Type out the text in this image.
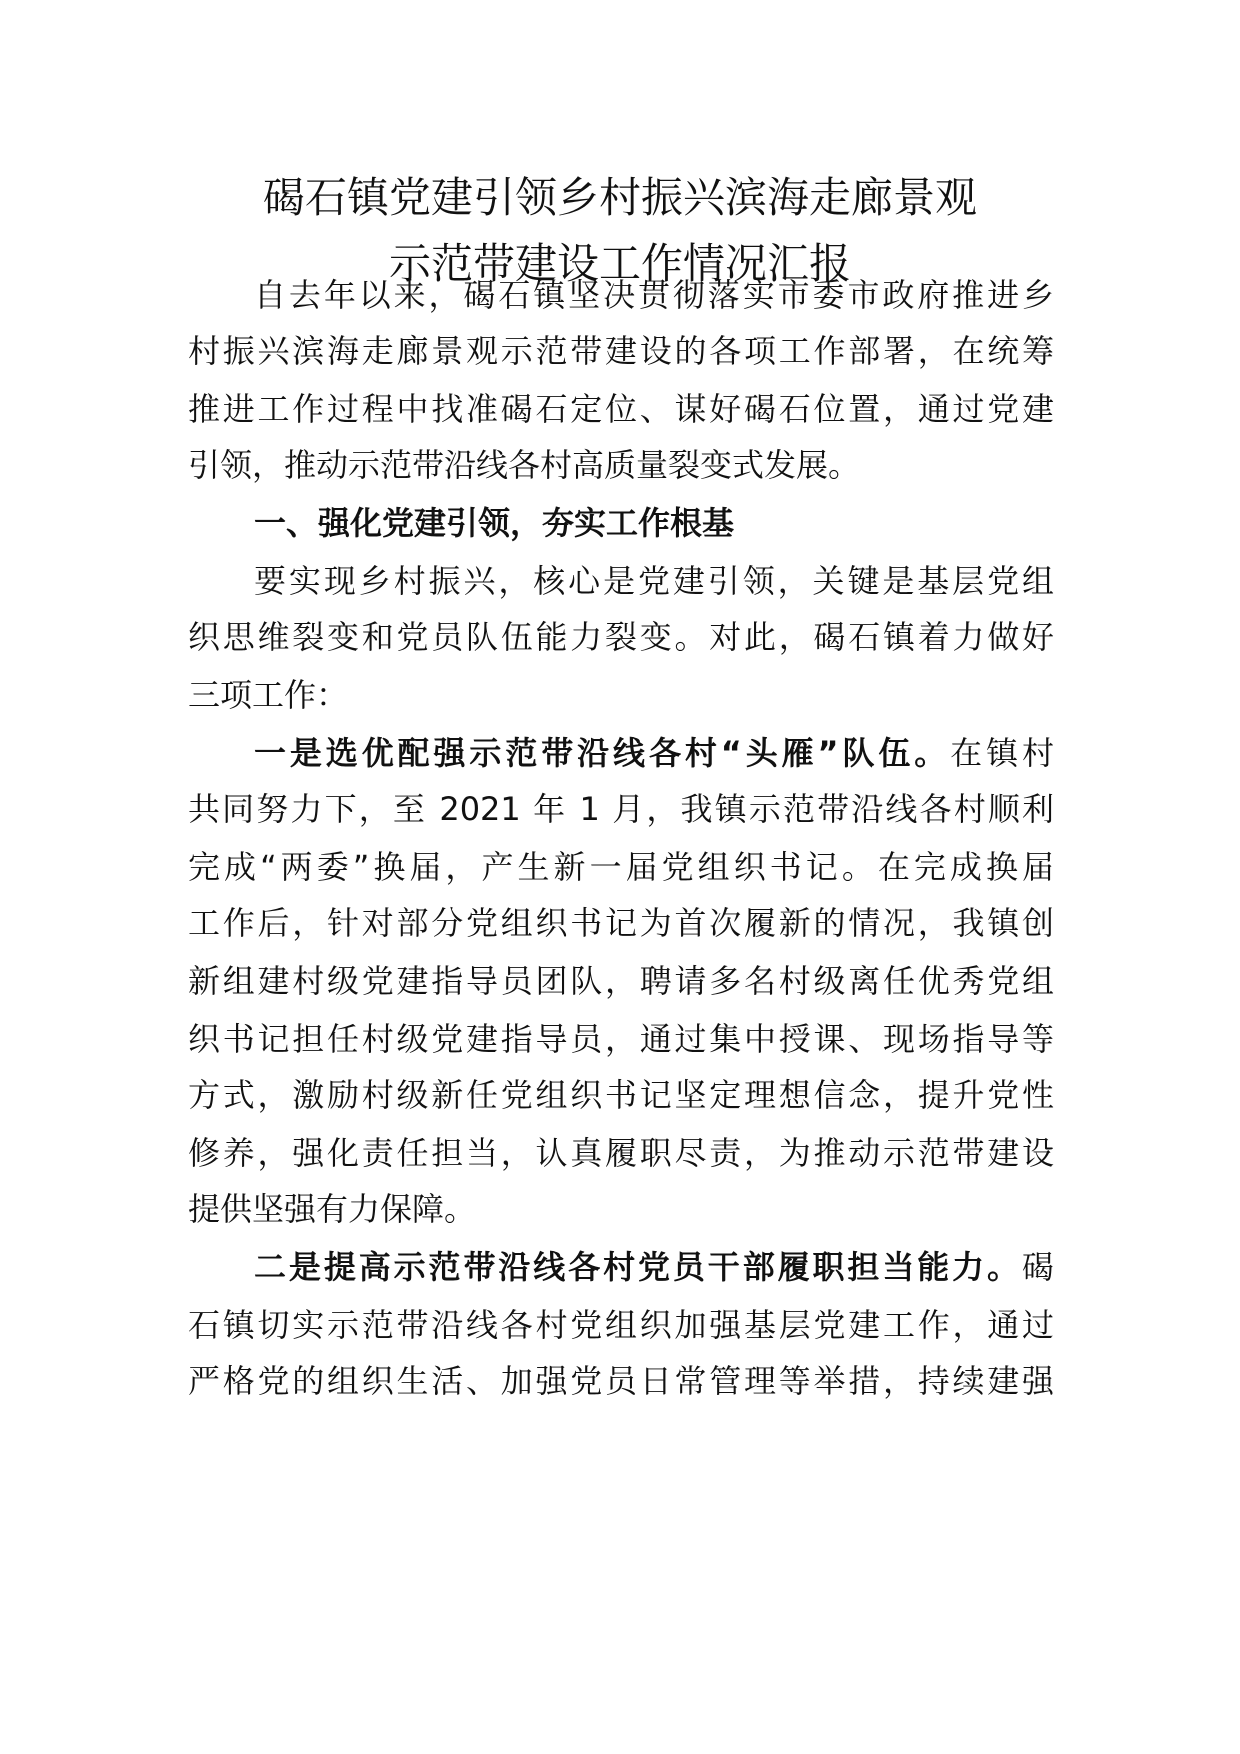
碣石镇党建引领乡村振兴滨海走廊景观
示范带建设工作情况汇报
自去年以来，碣石镇坚决贯彻落实市委市政府推进乡
村振兴滨海走廊景观示范带建设的各项工作部署，在统筹
推进工作过程中找准碣石定位、谋好碣石位置，通过党建
引领，推动示范带沿线各村高质量裂变式发展。
一、强化党建引领，夯实工作根基
要实现乡村振兴，核心是党建引领，关键是基层党组
织思维裂变和党员队伍能力裂变。对此，碣石镇着力做好
三项工作：
一是选优配强示范带沿线各村“头雁”队伍。在镇村
共同努力下，至 2021 年 1 月，我镇示范带沿线各村顺利
完成“两委”换届，产生新一届党组织书记。在完成换届
工作后，针对部分党组织书记为首次履新的情况，我镇创
新组建村级党建指导员团队，聘请多名村级离任优秀党组
织书记担任村级党建指导员，通过集中授课、现场指导等
方式，激励村级新任党组织书记坚定理想信念，提升党性
修养，强化责任担当，认真履职尽责，为推动示范带建设
提供坚强有力保障。
二是提高示范带沿线各村党员干部履职担当能力。碣
石镇切实示范带沿线各村党组织加强基层党建工作，通过
严格党的组织生活、加强党员日常管理等举措，持续建强
